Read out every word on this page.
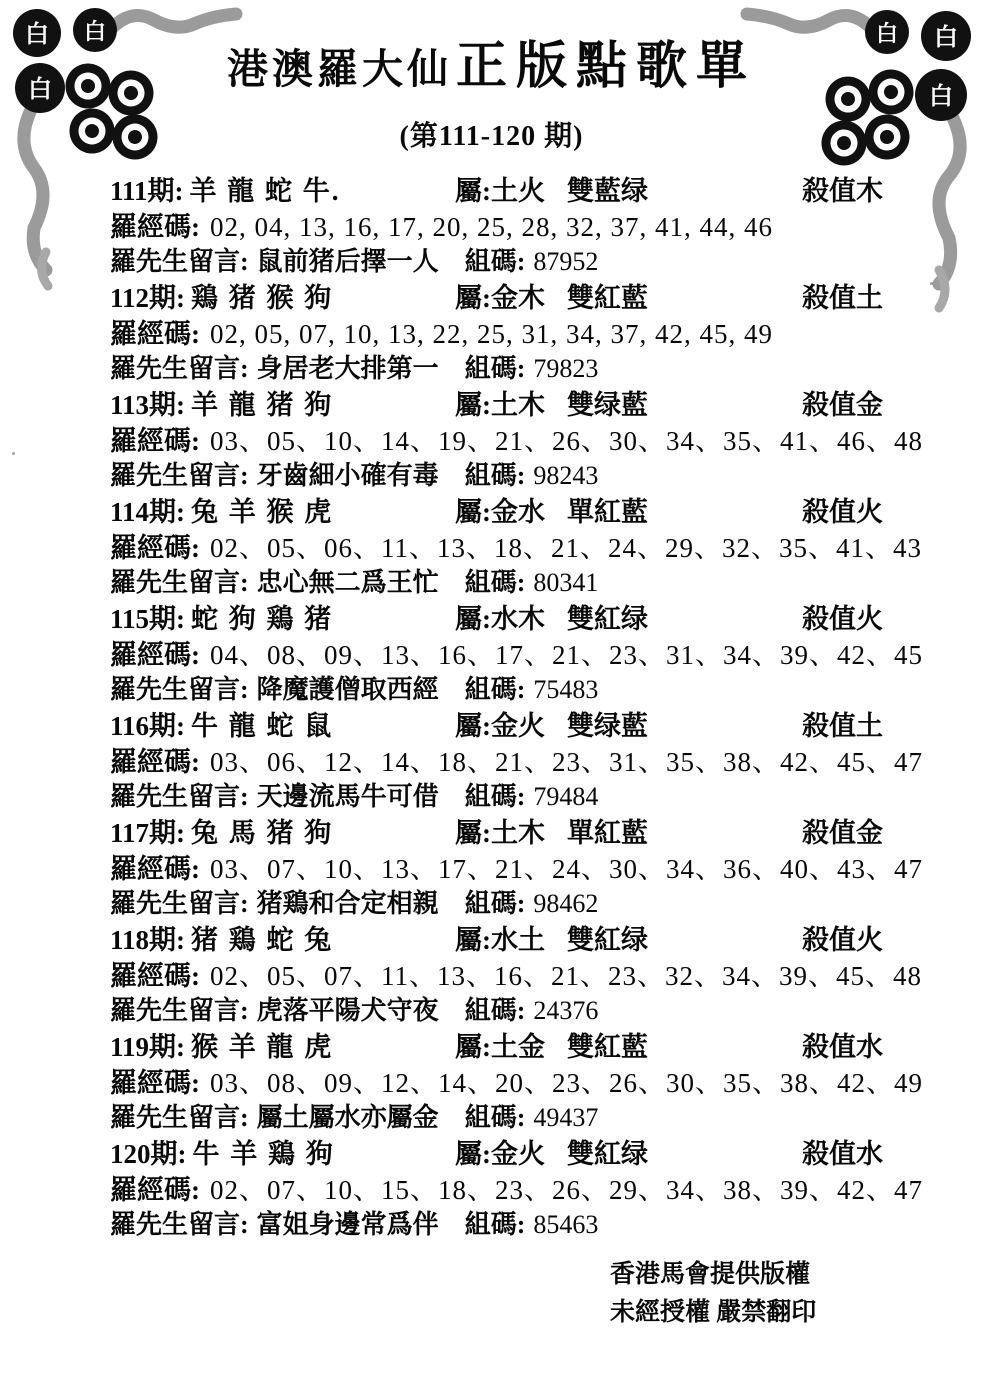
白 白
白
白
白
白
港澳羅大仙正版點歌單
(第111-120 期)
111期: 羊 龍 蛇 牛.	屬:土火 雙藍绿	殺值木
羅經碼: 02, 04, 13, 16, 17, 20, 25, 28, 32, 37, 41, 44, 46
羅先生留言: 鼠前猪后擇一人 組碼: 87952
112期: 鶏 猪 猴 狗	屬:金木 雙紅藍	殺值土
羅經碼: 02, 05, 07, 10, 13, 22, 25, 31, 34, 37, 42, 45, 49
羅先生留言: 身居老大排第一 組碼: 79823
113期: 羊 龍 猪 狗	屬:土木 雙绿藍	殺值金
羅經碼: 03、05、10、14、19、21、26、30、34、35、41、46、48
羅先生留言: 牙齒細小確有毒 組碼: 98243
114期: 兔 羊 猴 虎	屬:金水 單紅藍	殺值火
羅經碼: 02、05、06、11、13、18、21、24、29、32、35、41、43
羅先生留言: 忠心無二爲王忙 組碼: 80341
115期: 蛇 狗 鶏 猪	屬:水木 雙紅绿	殺值火
羅經碼: 04、08、09、13、16、17、21、23、31、34、39、42、45
羅先生留言: 降魔護僧取西經 組碼: 75483
116期: 牛 龍 蛇 鼠	屬:金火 雙绿藍	殺值土
羅經碼: 03、06、12、14、18、21、23、31、35、38、42、45、47
羅先生留言: 天邊流馬牛可借 組碼: 79484
117期: 兔 馬 猪 狗	屬:土木 單紅藍	殺值金
羅經碼: 03、07、10、13、17、21、24、30、34、36、40、43、47
羅先生留言: 猪鶏和合定相親 組碼: 98462
118期: 猪 鶏 蛇 兔	屬:水土 雙紅绿	殺值火
羅經碼: 02、05、07、11、13、16、21、23、32、34、39、45、48
羅先生留言: 虎落平陽犬守夜 組碼: 24376
119期: 猴 羊 龍 虎	屬:土金 雙紅藍	殺值水
羅經碼: 03、08、09、12、14、20、23、26、30、35、38、42、49
羅先生留言: 屬土屬水亦屬金 組碼: 49437
120期: 牛 羊 鶏 狗	屬:金火 雙紅绿	殺值水
羅經碼: 02、07、10、15、18、23、26、29、34、38、39、42、47
羅先生留言: 富姐身邊常爲伴 組碼: 85463
香港馬會提供版權
未經授權 嚴禁翻印
